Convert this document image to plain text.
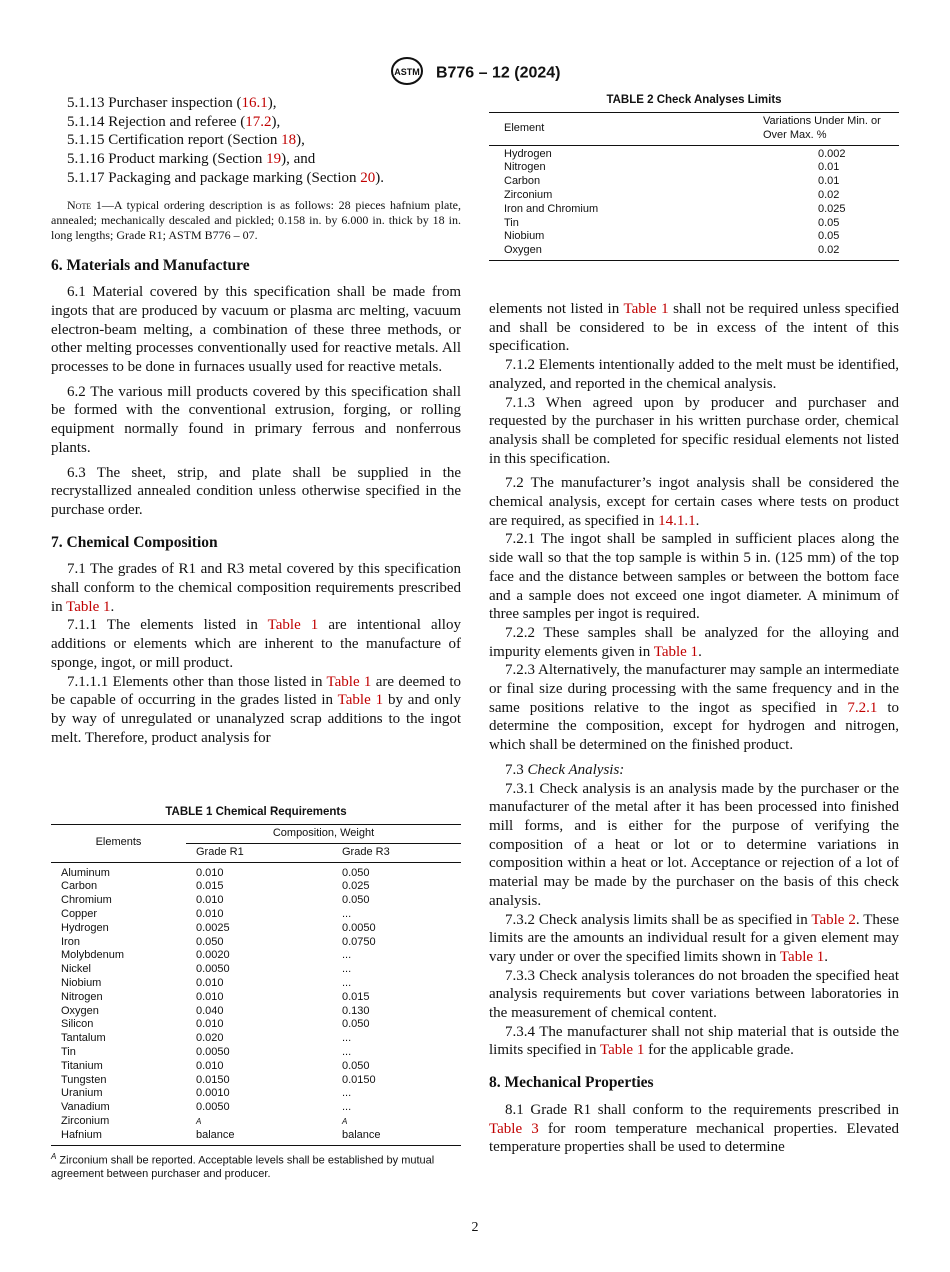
ASTM B776 – 12 (2024)
5.1.13 Purchaser inspection (16.1),
5.1.14 Rejection and referee (17.2),
5.1.15 Certification report (Section 18),
5.1.16 Product marking (Section 19), and
5.1.17 Packaging and package marking (Section 20).
Note 1—A typical ordering description is as follows: 28 pieces hafnium plate, annealed; mechanically descaled and pickled; 0.158 in. by 6.000 in. thick by 18 in. long lengths; Grade R1; ASTM B776 – 07.
6. Materials and Manufacture

6.1 Material covered by this specification shall be made from ingots that are produced by vacuum or plasma arc melting, vacuum electron-beam melting, a combination of these three methods, or other melting processes conventionally used for reactive metals. All processes to be done in furnaces usually used for reactive metals.

6.2 The various mill products covered by this specification shall be formed with the conventional extrusion, forging, or rolling equipment normally found in primary ferrous and nonferrous plants.

6.3 The sheet, strip, and plate shall be supplied in the recrystallized annealed condition unless otherwise specified in the purchase order.

7. Chemical Composition

7.1 The grades of R1 and R3 metal covered by this specification shall conform to the chemical composition requirements prescribed in Table 1.

7.1.1 The elements listed in Table 1 are intentional alloy additions or elements which are inherent to the manufacture of sponge, ingot, or mill product.

7.1.1.1 Elements other than those listed in Table 1 are deemed to be capable of occurring in the grades listed in Table 1 by and only by way of unregulated or unanalyzed scrap additions to the ingot melt. Therefore, product analysis for

TABLE 1 Chemical Requirements
Elements	Composition, Weight	
	Grade R1	Grade R3
Aluminum	0.010	0.050
Carbon	0.015	0.025
Chromium	0.010	0.050
Copper	0.010	...
Hydrogen	0.0025	0.0050
Iron	0.050	0.0750
Molybdenum	0.0020	...
Nickel	0.0050	...
Niobium	0.010	...
Nitrogen	0.010	0.015
Oxygen	0.040	0.130
Silicon	0.010	0.050
Tantalum	0.020	...
Tin	0.0050	...
Titanium	0.010	0.050
Tungsten	0.0150	0.0150
Uranium	0.0010	...
Vanadium	0.0050	...
Zirconium	A	A
Hafnium	balance	balance
$^A$ Zirconium shall be reported. Acceptable levels shall be established by mutual agreement between purchaser and producer.
TABLE 2 Check Analyses Limits
Element	Variations Under Min. or Over Max. %
Hydrogen	0.002
Nitrogen	0.01
Carbon	0.01
Zirconium	0.02
Iron and Chromium	0.025
Tin	0.05
Niobium	0.05
Oxygen	0.02

elements not listed in Table 1 shall not be required unless specified and shall be considered to be in excess of the intent of this specification.

7.1.2 Elements intentionally added to the melt must be identified, analyzed, and reported in the chemical analysis.

7.1.3 When agreed upon by producer and purchaser and requested by the purchaser in his written purchase order, chemical analysis shall be completed for specific residual elements not listed in this specification.

7.2 The manufacturer’s ingot analysis shall be considered the chemical analysis, except for certain cases where tests on product are required, as specified in 14.1.1.

7.2.1 The ingot shall be sampled in sufficient places along the side wall so that the top sample is within 5 in. (125 mm) of the top face and the distance between samples or between the bottom face and a sample does not exceed one ingot diameter. A minimum of three samples per ingot is required.

7.2.2 These samples shall be analyzed for the alloying and impurity elements given in Table 1.

7.2.3 Alternatively, the manufacturer may sample an intermediate or final size during processing with the same frequency and in the same positions relative to the ingot as specified in 7.2.1 to determine the composition, except for hydrogen and nitrogen, which shall be determined on the finished product.

7.3 Check Analysis:

7.3.1 Check analysis is an analysis made by the purchaser or the manufacturer of the metal after it has been processed into finished mill forms, and is either for the purpose of verifying the composition of a heat or lot or to determine variations in composition within a heat or lot. Acceptance or rejection of a lot of material may be made by the purchaser on the basis of this check analysis.

7.3.2 Check analysis limits shall be as specified in Table 2. These limits are the amounts an individual result for a given element may vary under or over the specified limits shown in Table 1.

7.3.3 Check analysis tolerances do not broaden the specified heat analysis requirements but cover variations between laboratories in the measurement of chemical content.

7.3.4 The manufacturer shall not ship material that is outside the limits specified in Table 1 for the applicable grade.

8. Mechanical Properties

8.1 Grade R1 shall conform to the requirements prescribed in Table 3 for room temperature mechanical properties. Elevated temperature properties shall be used to determine

2
